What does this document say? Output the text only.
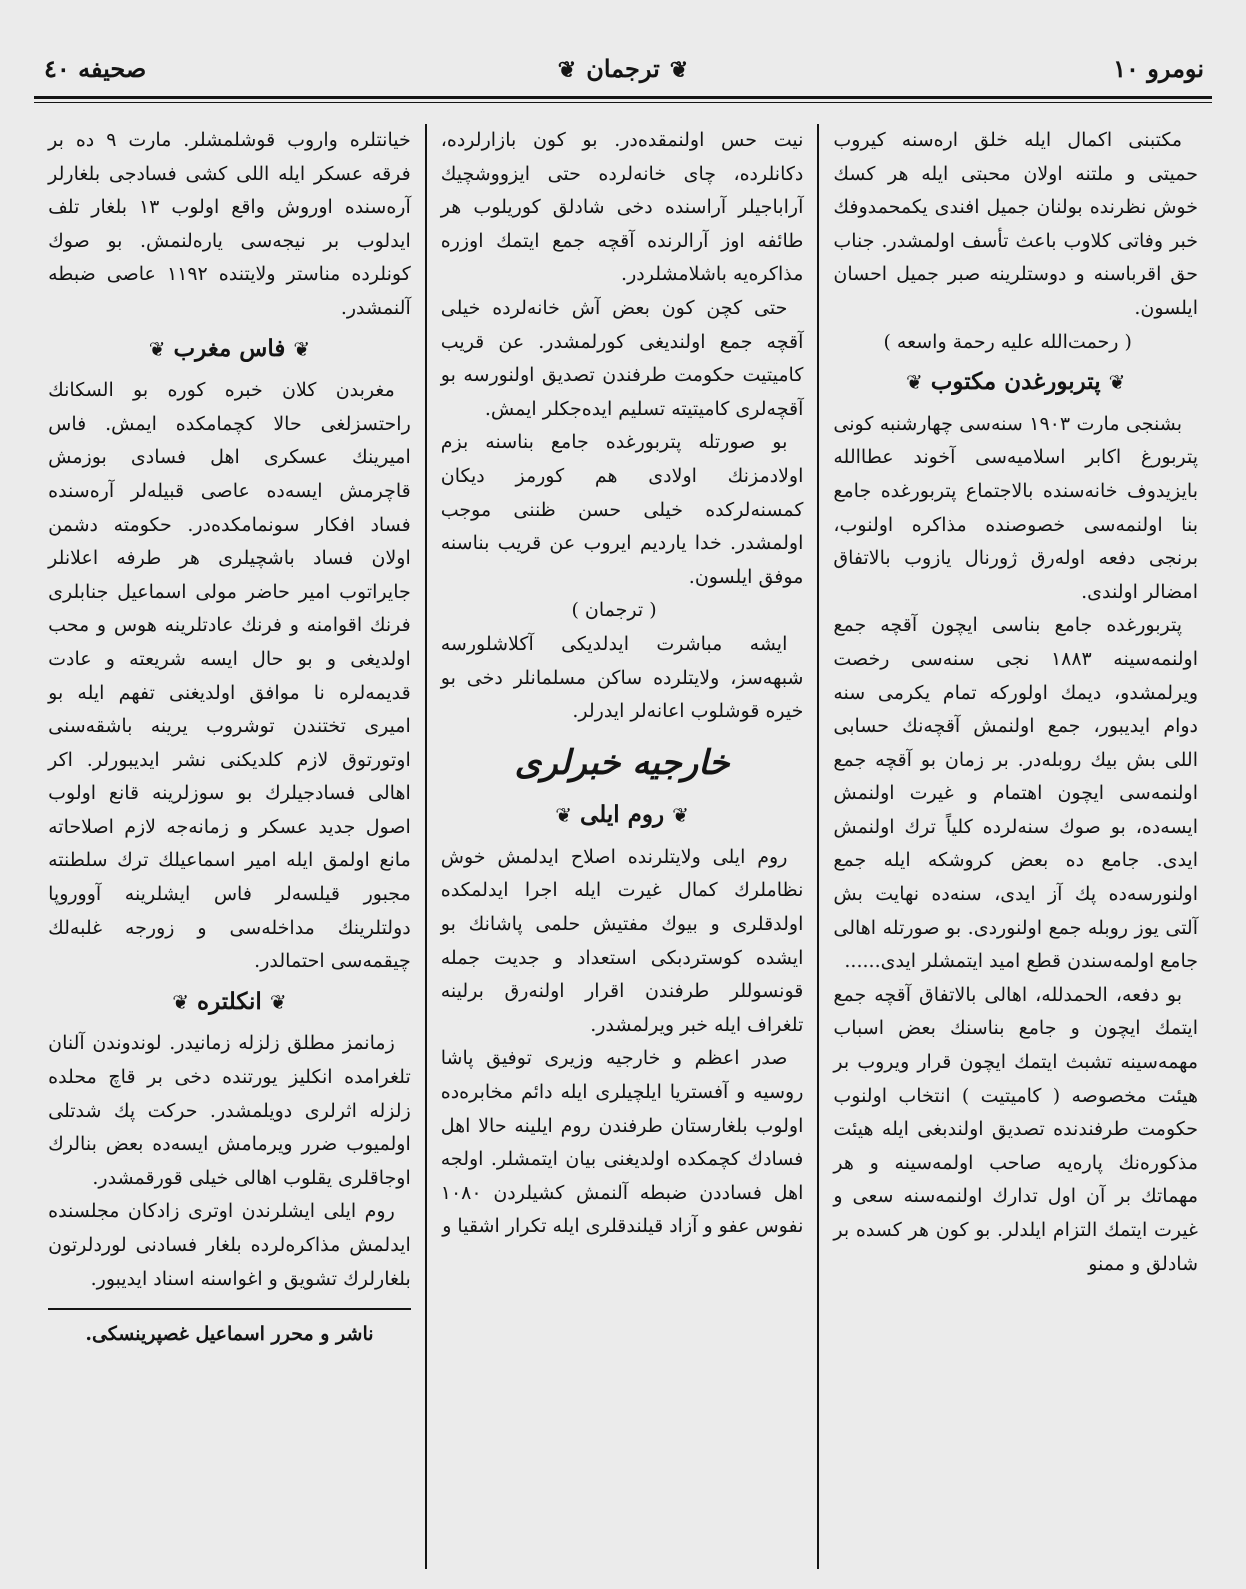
صحيفه ٤٠	❦ ترجمان ❦	نومرو ١٠

مكتبنى اكمال ايله خلق اره‌سنه كيروب حميتى و ملتنه اولان محبتى ايله هر كسك خوش نظرنده بولنان جميل افندى يكمحمدوفك خبر وفاتى كلاوب باعث تأسف اولمشدر. جناب حق اقرباسنه و دوستلرينه صبر جميل احسان ايلسون.

( رحمت‌الله عليه رحمة واسعه )

❦پتربورغدن مكتوب❦

بشنجى مارت ۱۹۰۳ سنه‌سى چهارشنبه كونى پتربورغ اكابر اسلاميه‌سى آخوند عطاالله بايزيدوف خانه‌سنده بالاجتماع پتربورغده جامع بنا اولنمه‌سى خصوصنده مذاكره اولنوب، برنجى دفعه اوله‌رق ژورنال يازوب بالاتفاق امضالر اولندى.

پتربورغده جامع بناسى ايچون آقچه جمع اولنمه‌سينه ۱۸۸۳ نجى سنه‌سى رخصت ويرلمشدو، ديمك اولوركه تمام يكرمى سنه دوام ايديبور، جمع اولنمش آقچه‌نك حسابى اللى بش بيك روبله‌در. بر زمان بو آقچه جمع اولنمه‌سى ايچون اهتمام و غيرت اولنمش ايسه‌ده، بو صوك سنه‌لرده كلياً ترك اولنمش ايدى. جامع ده بعض كروشكه ايله جمع اولنورسه‌ده پك آز ايدى، سنه‌ده نهايت بش آلتى يوز روبله جمع اولنوردى. بو صورتله اهالى جامع اولمه‌سندن قطع اميد ايتمشلر ايدى......

بو دفعه، الحمدلله، اهالى بالاتفاق آقچه جمع ايتمك ايچون و جامع بناسنك بعض اسباب مهمه‌سينه تشبث ايتمك ايچون قرار ويروب بر هيئت مخصوصه ( كاميتيت ) انتخاب اولنوب حكومت طرفندنده تصديق اولندبغى ايله هيئت مذكوره‌نك پاره‌يه صاحب اولمه‌سينه و هر مهماتك بر آن اول تدارك اولنمه‌سنه سعى و غيرت ايتمك التزام ايلدلر. بو كون هر كسده بر شادلق و ممنو

نيت حس اولنمقده‌در. بو كون بازارلرده، دكانلرده، چاى خانه‌لرده حتى ايزووشچيك آراباجيلر آراسنده دخى شادلق كوريلوب هر طائفه اوز آرالرنده آقچه جمع ايتمك اوزره مذاكره‌يه باشلامشلردر.

حتى كچن كون بعض آش خانه‌لرده خيلى آقچه جمع اولنديغى كورلمشدر. عن قريب كاميتيت حكومت طرفندن تصديق اولنورسه بو آقچه‌لرى كاميتيته تسليم ايده‌جكلر ايمش.

بو صورتله پتربورغده جامع بناسنه بزم اولادمزنك اولادى هم كورمز ديكان كمسنه‌لركده خيلى حسن ظننى موجب اولمشدر. خدا يارديم ايروب عن قريب بناسنه موفق ايلسون.

( ترجمان )

ايشه مباشرت ايدلديكى آكلاشلورسه شبهه‌سز، ولايتلرده ساكن مسلمانلر دخى بو خيره قوشلوب اعانه‌لر ايدرلر.

خارجيه خبرلرى
❦روم ايلى❦

روم ايلى ولايتلرنده اصلاح ايدلمش خوش نظاملرك كمال غيرت ايله اجرا ايدلمكده اولدقلرى و بيوك مفتيش حلمى پاشانك بو ايشده كوستردبكى استعداد و جديت جمله قونسوللر طرفندن اقرار اولنه‌رق برلينه تلغراف ايله خبر ويرلمشدر.

صدر اعظم و خارجيه وزيرى توفيق پاشا روسيه و آفستريا ايلچيلرى ايله دائم مخابره‌ده اولوب بلغارستان طرفندن روم ايلينه حالا اهل فسادك كچمكده اولديغنى بيان ايتمشلر. اولجه اهل فساددن ضبطه آلنمش كشيلردن ۱۰۸۰ نفوس عفو و آزاد قيلندقلرى ايله تكرار اشقيا و

خيانتلره واروب قوشلمشلر. مارت ۹ ده بر فرقه عسكر ايله اللى كشى فسادجى بلغارلر آره‌سنده اوروش واقع اولوب ۱۳ بلغار تلف ايدلوب بر نيجه‌سى ياره‌لنمش. بو صوك كونلرده مناستر ولايتنده ۱۱۹۲ عاصى ضبطه آلنمشدر.

❦فاس مغرب❦

مغربدن كلان خبره كوره بو السكانك راحتسزلغى حالا كچمامكده ايمش. فاس اميرينك عسكرى اهل فسادى بوزمش قاچرمش ايسه‌ده عاصى قبيله‌لر آره‌سنده فساد افكار سونمامكده‌در. حكومته دشمن اولان فساد باشچيلرى هر طرفه اعلانلر جايراتوب امير حاضر مولى اسماعيل جنابلرى فرنك اقوامنه و فرنك عادتلرينه هوس و محب اولديغى و بو حال ايسه شريعته و عادت قديمه‌لره نا موافق اولديغنى تفهم ايله بو اميرى تختندن توشروب يرينه باشقه‌سنى اوتورتوق لازم كلديكنى نشر ايديبورلر. اكر اهالى فسادجيلرك بو سوزلرينه قانع اولوب اصول جديد عسكر و زمانه‌جه لازم اصلاحاته مانع اولمق ايله امير اسماعيلك ترك سلطنته مجبور قيلسه‌لر فاس ايشلرينه آووروپا دولتلرينك مداخله‌سى و زورجه غلبه‌لك چيقمه‌سى احتمالدر.

❦انكلتره❦

زمانمز مطلق زلزله زمانيدر. لوندوندن آلنان تلغرامده انكليز يورتنده دخى بر قاچ محلده زلزله اثرلرى دويلمشدر. حركت پك شدتلى اولميوب ضرر ويرمامش ايسه‌ده بعض بنالرك اوجاقلرى يقلوب اهالى خيلى قورقمشدر.

روم ايلى ايشلرندن اوترى زادكان مجلسنده ايدلمش مذاكره‌لرده بلغار فسادنى لوردلرتون بلغارلرك تشويق و اغواسنه اسناد ايديبور.

ناشر و محرر اسماعيل غصپرينسكى.
